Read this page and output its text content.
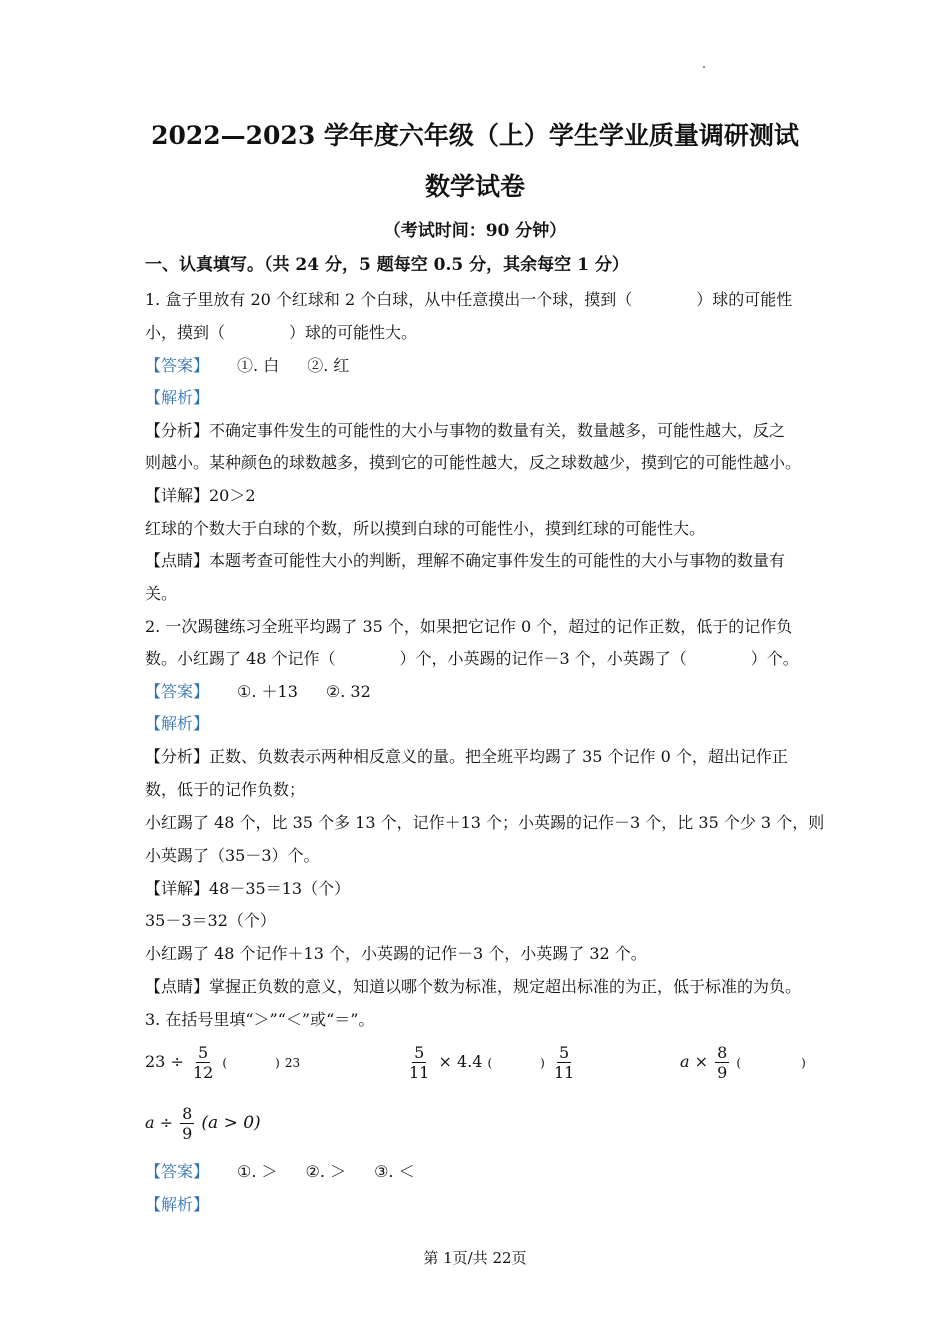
2022—2023 学年度六年级（上）学生学业质量调研测试
数学试卷
（考试时间：90 分钟）
一、认真填写。（共 24 分，5 题每空 0.5 分，其余每空 1 分）
1. 盒子里放有 20 个红球和 2 个白球，从中任意摸出一个球，摸到（　　　　）球的可能性
小，摸到（　　　　）球的可能性大。
【答案】 ①. 白 ②. 红
【解析】
【分析】不确定事件发生的可能性的大小与事物的数量有关，数量越多，可能性越大，反之
则越小。某种颜色的球数越多，摸到它的可能性越大，反之球数越少，摸到它的可能性越小。
【详解】20＞2
红球的个数大于白球的个数，所以摸到白球的可能性小，摸到红球的可能性大。
【点睛】本题考查可能性大小的判断，理解不确定事件发生的可能性的大小与事物的数量有
关。
2. 一次踢毽练习全班平均踢了 35 个，如果把它记作 0 个，超过的记作正数，低于的记作负
数。小红踢了 48 个记作（　　　　）个，小英踢的记作－3 个，小英踢了（　　　　）个。
【答案】 ①. ＋13 ②. 32
【解析】
【分析】正数、负数表示两种相反意义的量。把全班平均踢了 35 个记作 0 个，超出记作正
数，低于的记作负数；
小红踢了 48 个，比 35 个多 13 个，记作＋13 个；小英踢的记作－3 个，比 35 个少 3 个，则
小英踢了（35－3）个。
【详解】48－35＝13（个）
35－3＝32（个）
小红踢了 48 个记作＋13 个，小英踢的记作－3 个，小英踢了 32 个。
【点睛】掌握正负数的意义，知道以哪个数为标准，规定超出标准的为正，低于标准的为负。
3. 在括号里填“＞”“＜”或“＝”。
$23 \div \frac{5}{12}$ (　　　　) 23	$\frac{5}{11} \times 4.4$ (　　　　) $\frac{5}{11}$	$a \times \frac{8}{9}$ (　　　　　)
$a \div \frac{8}{9} (a > 0)$
【答案】 ①. ＞ ②. ＞ ③. ＜
【解析】
第 1页/共 22页
